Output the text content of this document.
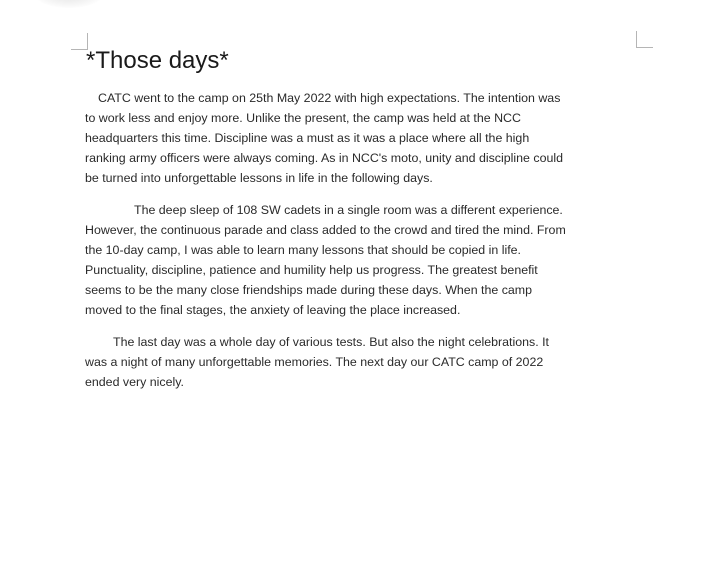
*Those days*

CATC went to the camp on 25th May 2022 with high expectations. The intention was
to work less and enjoy more. Unlike the present, the camp was held at the NCC
headquarters this time. Discipline was a must as it was a place where all the high
ranking army officers were always coming. As in NCC's moto, unity and discipline could
be turned into unforgettable lessons in life in the following days.

The deep sleep of 108 SW cadets in a single room was a different experience.
However, the continuous parade and class added to the crowd and tired the mind. From
the 10-day camp, I was able to learn many lessons that should be copied in life.
Punctuality, discipline, patience and humility help us progress. The greatest benefit
seems to be the many close friendships made during these days. When the camp
moved to the final stages, the anxiety of leaving the place increased.

The last day was a whole day of various tests. But also the night celebrations. It
was a night of many unforgettable memories. The next day our CATC camp of 2022
ended very nicely.
